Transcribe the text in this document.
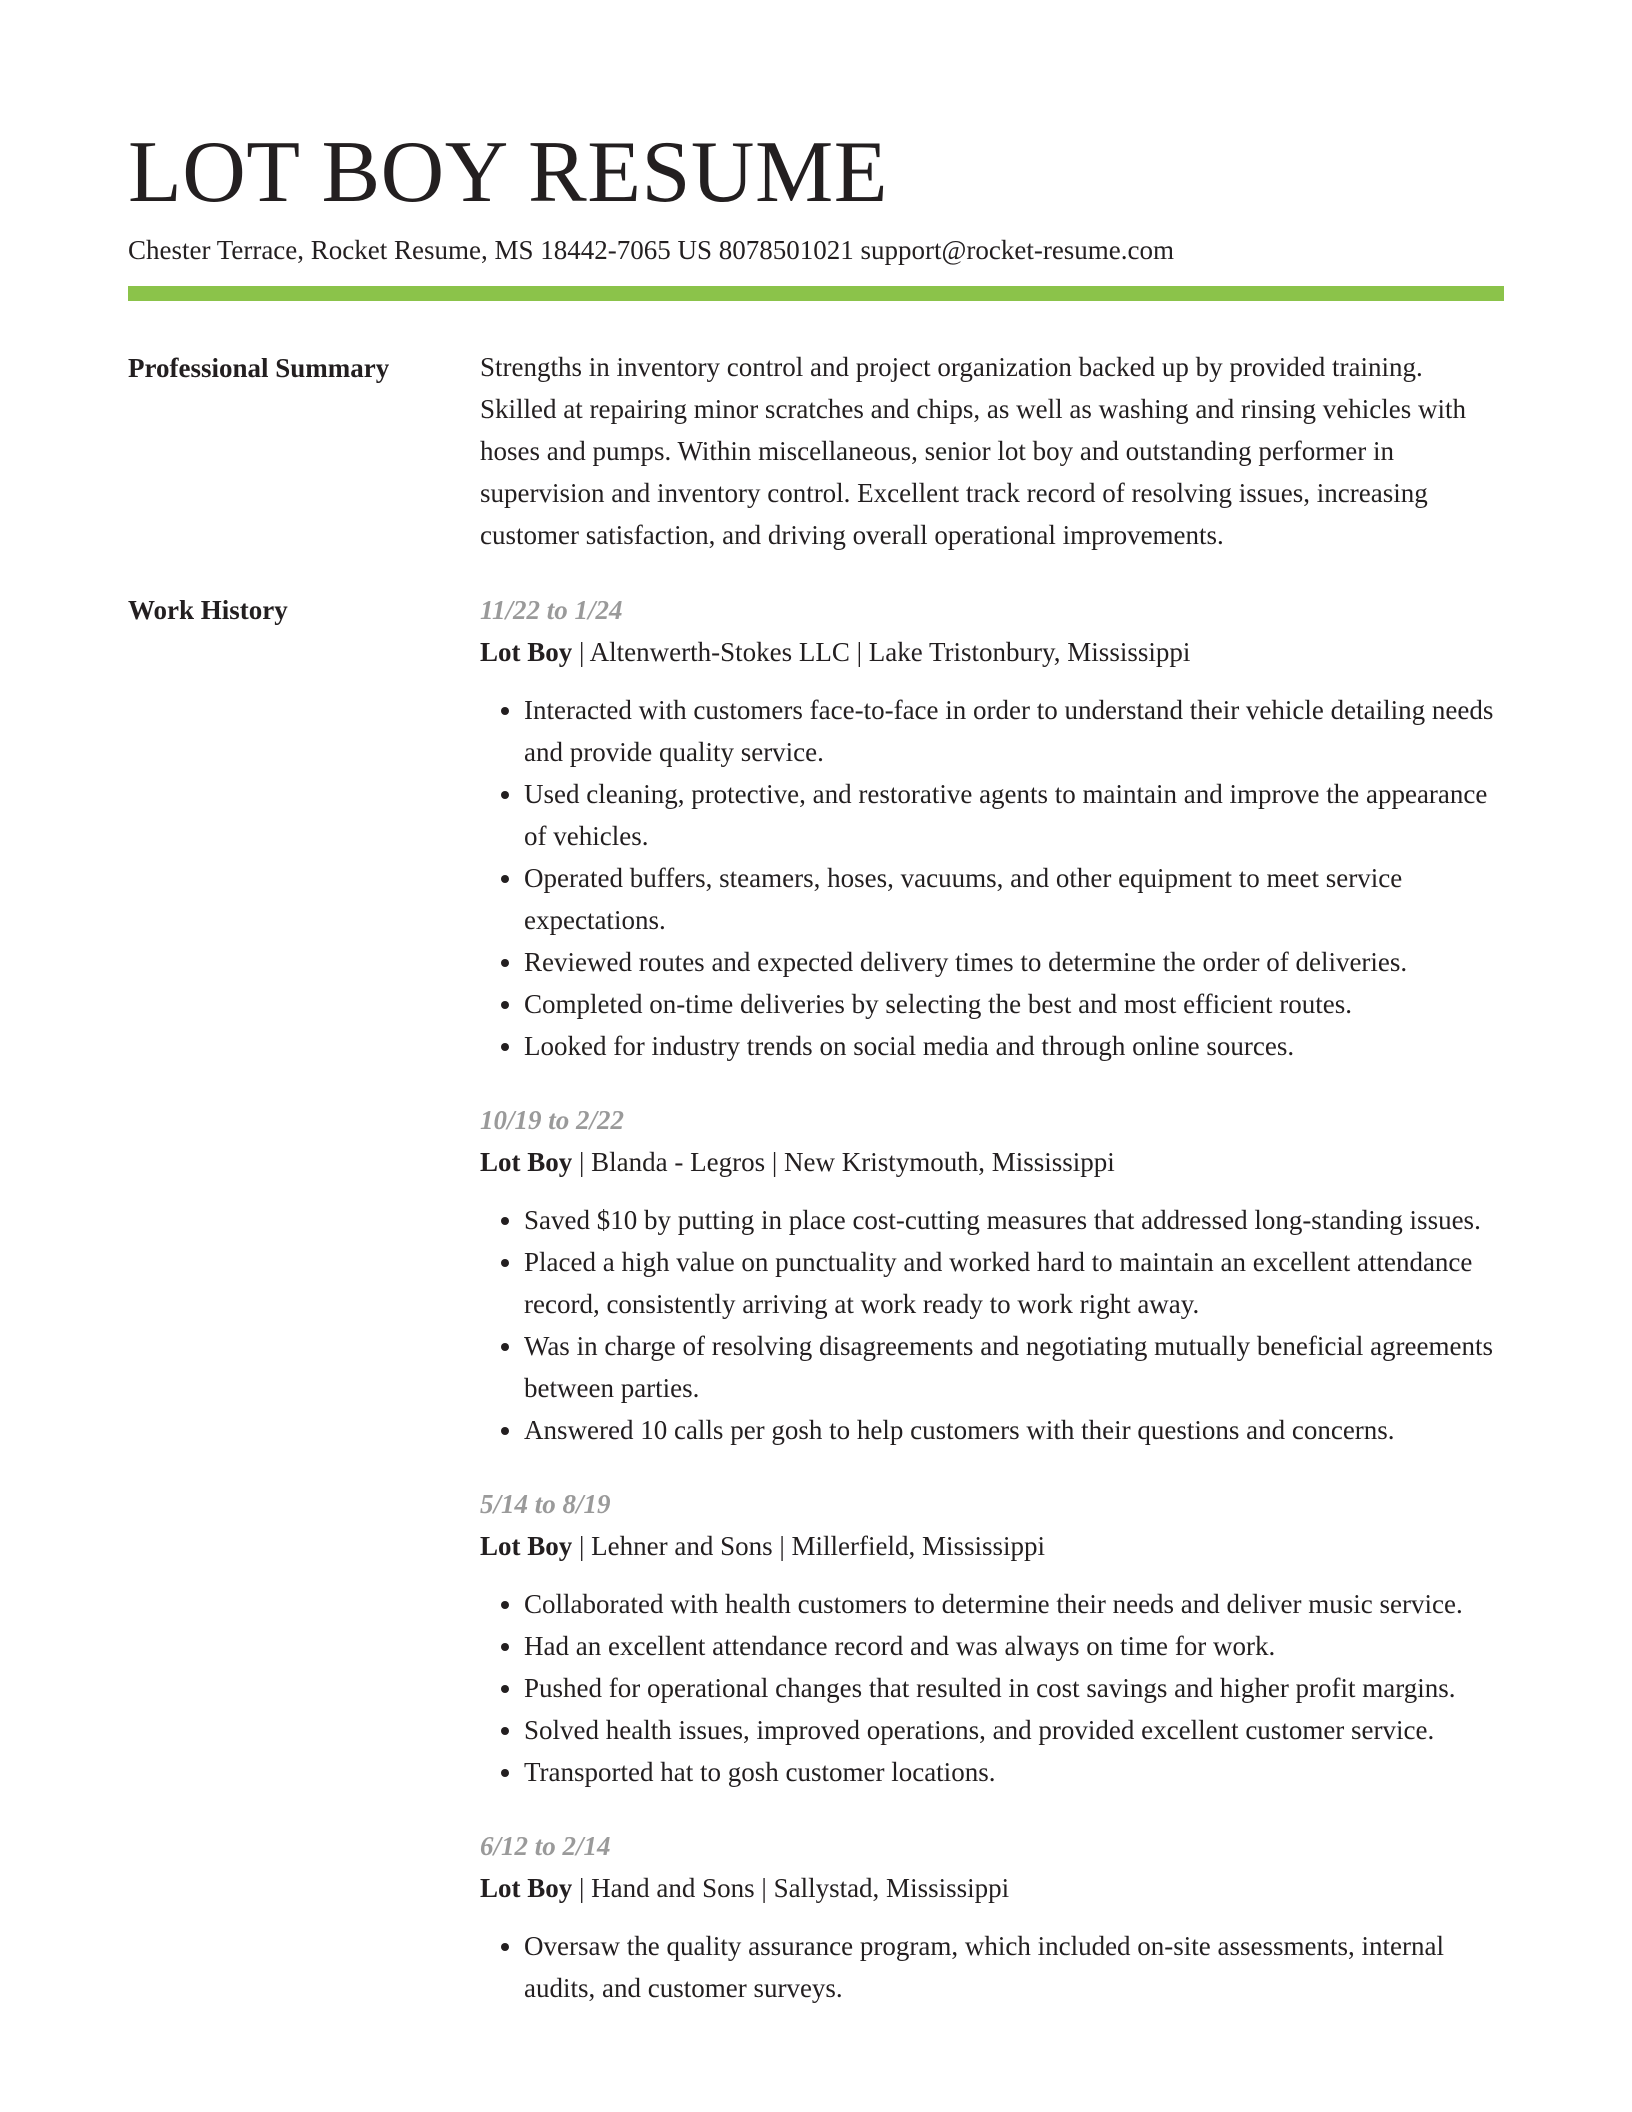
LOT BOY RESUME
Chester Terrace, Rocket Resume, MS 18442-7065 US 8078501021 support@rocket-resume.com
Professional Summary	Strengths in inventory control and project organization backed up by provided training. Skilled at repairing minor scratches and chips, as well as washing and rinsing vehicles with hoses and pumps. Within miscellaneous, senior lot boy and outstanding performer in supervision and inventory control. Excellent track record of resolving issues, increasing customer satisfaction, and driving overall operational improvements.

Work History	11/22 to 1/24
Lot Boy | Altenwerth-Stokes LLC | Lake Tristonbury, Mississippi
• Interacted with customers face-to-face in order to understand their vehicle detailing needs and provide quality service.
• Used cleaning, protective, and restorative agents to maintain and improve the appearance of vehicles.
• Operated buffers, steamers, hoses, vacuums, and other equipment to meet service expectations.
• Reviewed routes and expected delivery times to determine the order of deliveries.
• Completed on-time deliveries by selecting the best and most efficient routes.
• Looked for industry trends on social media and through online sources.
10/19 to 2/22
Lot Boy | Blanda - Legros | New Kristymouth, Mississippi
• Saved $10 by putting in place cost-cutting measures that addressed long-standing issues.
• Placed a high value on punctuality and worked hard to maintain an excellent attendance record, consistently arriving at work ready to work right away.
• Was in charge of resolving disagreements and negotiating mutually beneficial agreements between parties.
• Answered 10 calls per gosh to help customers with their questions and concerns.
5/14 to 8/19
Lot Boy | Lehner and Sons | Millerfield, Mississippi
• Collaborated with health customers to determine their needs and deliver music service.
• Had an excellent attendance record and was always on time for work.
• Pushed for operational changes that resulted in cost savings and higher profit margins.
• Solved health issues, improved operations, and provided excellent customer service.
• Transported hat to gosh customer locations.
6/12 to 2/14
Lot Boy | Hand and Sons | Sallystad, Mississippi
• Oversaw the quality assurance program, which included on-site assessments, internal audits, and customer surveys.
